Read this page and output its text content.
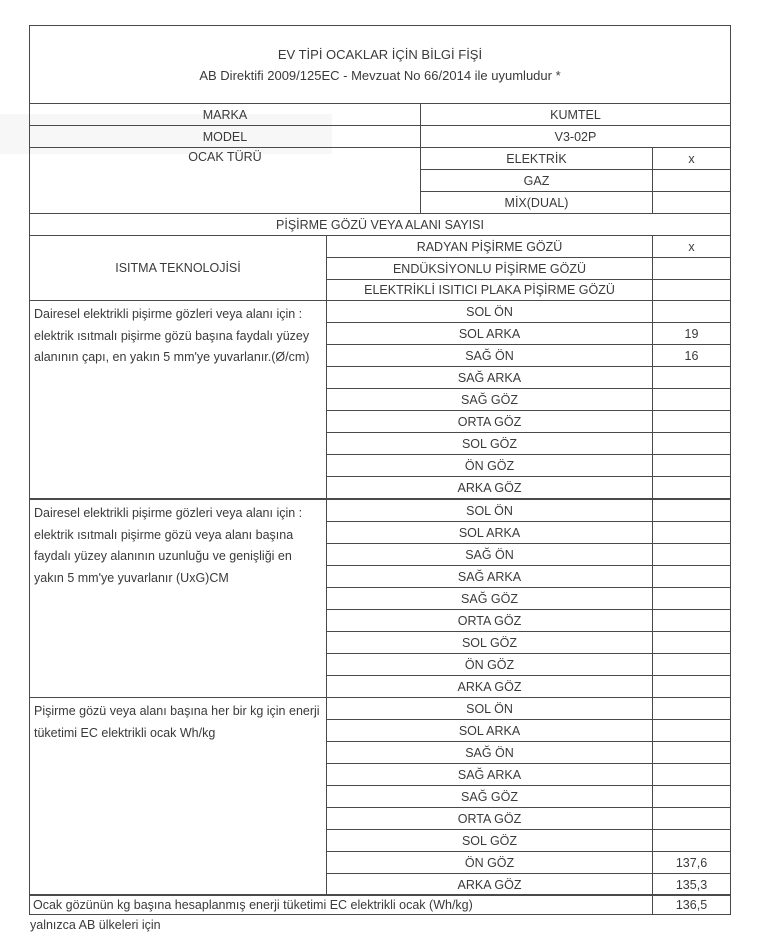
EV TİPİ OCAKLAR İÇİN BİLGİ FİŞİ
AB Direktifi 2009/125EC - Mevzuat No 66/2014 ile uyumludur *
MARKA	KUMTEL
MODEL	V3-02P
OCAK TÜRÜ	ELEKTRİK	x
GAZ
MİX(DUAL)
PİŞİRME GÖZÜ VEYA ALANI SAYISI
ISITMA TEKNOLOJİSİ
RADYAN PİŞİRME GÖZÜ	x
ENDÜKSİYONLU PİŞİRME GÖZÜ
ELEKTRİKLİ ISITICI PLAKA PİŞİRME GÖZÜ
Dairesel elektrikli pişirme gözleri veya alanı için : elektrik ısıtmalı pişirme gözü başına faydalı yüzey alanının çapı, en yakın 5 mm'ye yuvarlanır.(Ø/cm)
SOL ÖN
SOL ARKA	19
SAĞ ÖN	16
SAĞ ARKA
SAĞ GÖZ
ORTA GÖZ
SOL GÖZ
ÖN GÖZ
ARKA GÖZ
Dairesel elektrikli pişirme gözleri veya alanı için : elektrik ısıtmalı pişirme gözü veya alanı başına faydalı yüzey alanının uzunluğu ve genişliği en yakın 5 mm'ye yuvarlanır (UxG)CM
SOL ÖN
SOL ARKA
SAĞ ÖN
SAĞ ARKA
SAĞ GÖZ
ORTA GÖZ
SOL GÖZ
ÖN GÖZ
ARKA GÖZ
Pişirme gözü veya alanı başına her bir kg için enerji tüketimi EC elektrikli ocak Wh/kg
SOL ÖN
SOL ARKA
SAĞ ÖN
SAĞ ARKA
SAĞ GÖZ
ORTA GÖZ
SOL GÖZ
ÖN GÖZ	137,6
ARKA GÖZ	135,3
Ocak gözünün kg başına hesaplanmış enerji tüketimi EC elektrikli ocak (Wh/kg)	136,5
yalnızca AB ülkeleri için
